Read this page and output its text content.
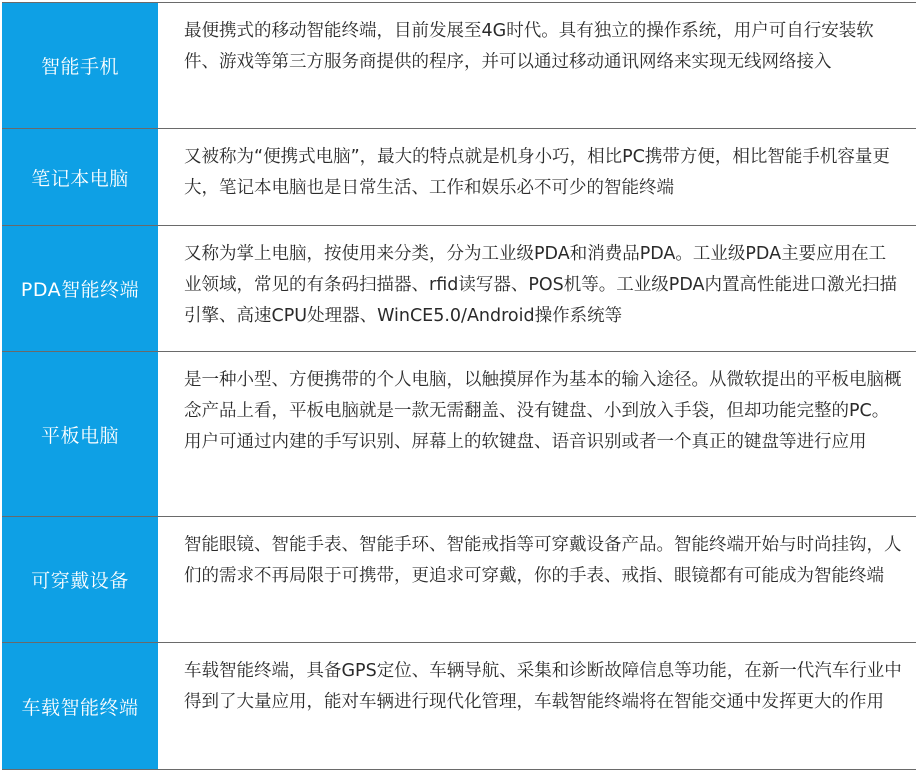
智能手机
最便携式的移动智能终端，目前发展至4G时代。具有独立的操作系统，用户可自行安装软件、游戏等第三方服务商提供的程序，并可以通过移动通讯网络来实现无线网络接入
笔记本电脑
又被称为“便携式电脑”，最大的特点就是机身小巧，相比PC携带方便，相比智能手机容量更大，笔记本电脑也是日常生活、工作和娱乐必不可少的智能终端
PDA智能终端
又称为掌上电脑，按使用来分类，分为工业级PDA和消费品PDA。工业级PDA主要应用在工业领域，常见的有条码扫描器、rfid读写器、POS机等。工业级PDA内置高性能进口激光扫描引擎、高速CPU处理器、WinCE5.0/Android操作系统等
平板电脑
是一种小型、方便携带的个人电脑，以触摸屏作为基本的输入途径。从微软提出的平板电脑概念产品上看，平板电脑就是一款无需翻盖、没有键盘、小到放入手袋，但却功能完整的PC。用户可通过内建的手写识别、屏幕上的软键盘、语音识别或者一个真正的键盘等进行应用
可穿戴设备
智能眼镜、智能手表、智能手环、智能戒指等可穿戴设备产品。智能终端开始与时尚挂钩，人们的需求不再局限于可携带，更追求可穿戴，你的手表、戒指、眼镜都有可能成为智能终端
车载智能终端
车载智能终端，具备GPS定位、车辆导航、采集和诊断故障信息等功能，在新一代汽车行业中得到了大量应用，能对车辆进行现代化管理，车载智能终端将在智能交通中发挥更大的作用
